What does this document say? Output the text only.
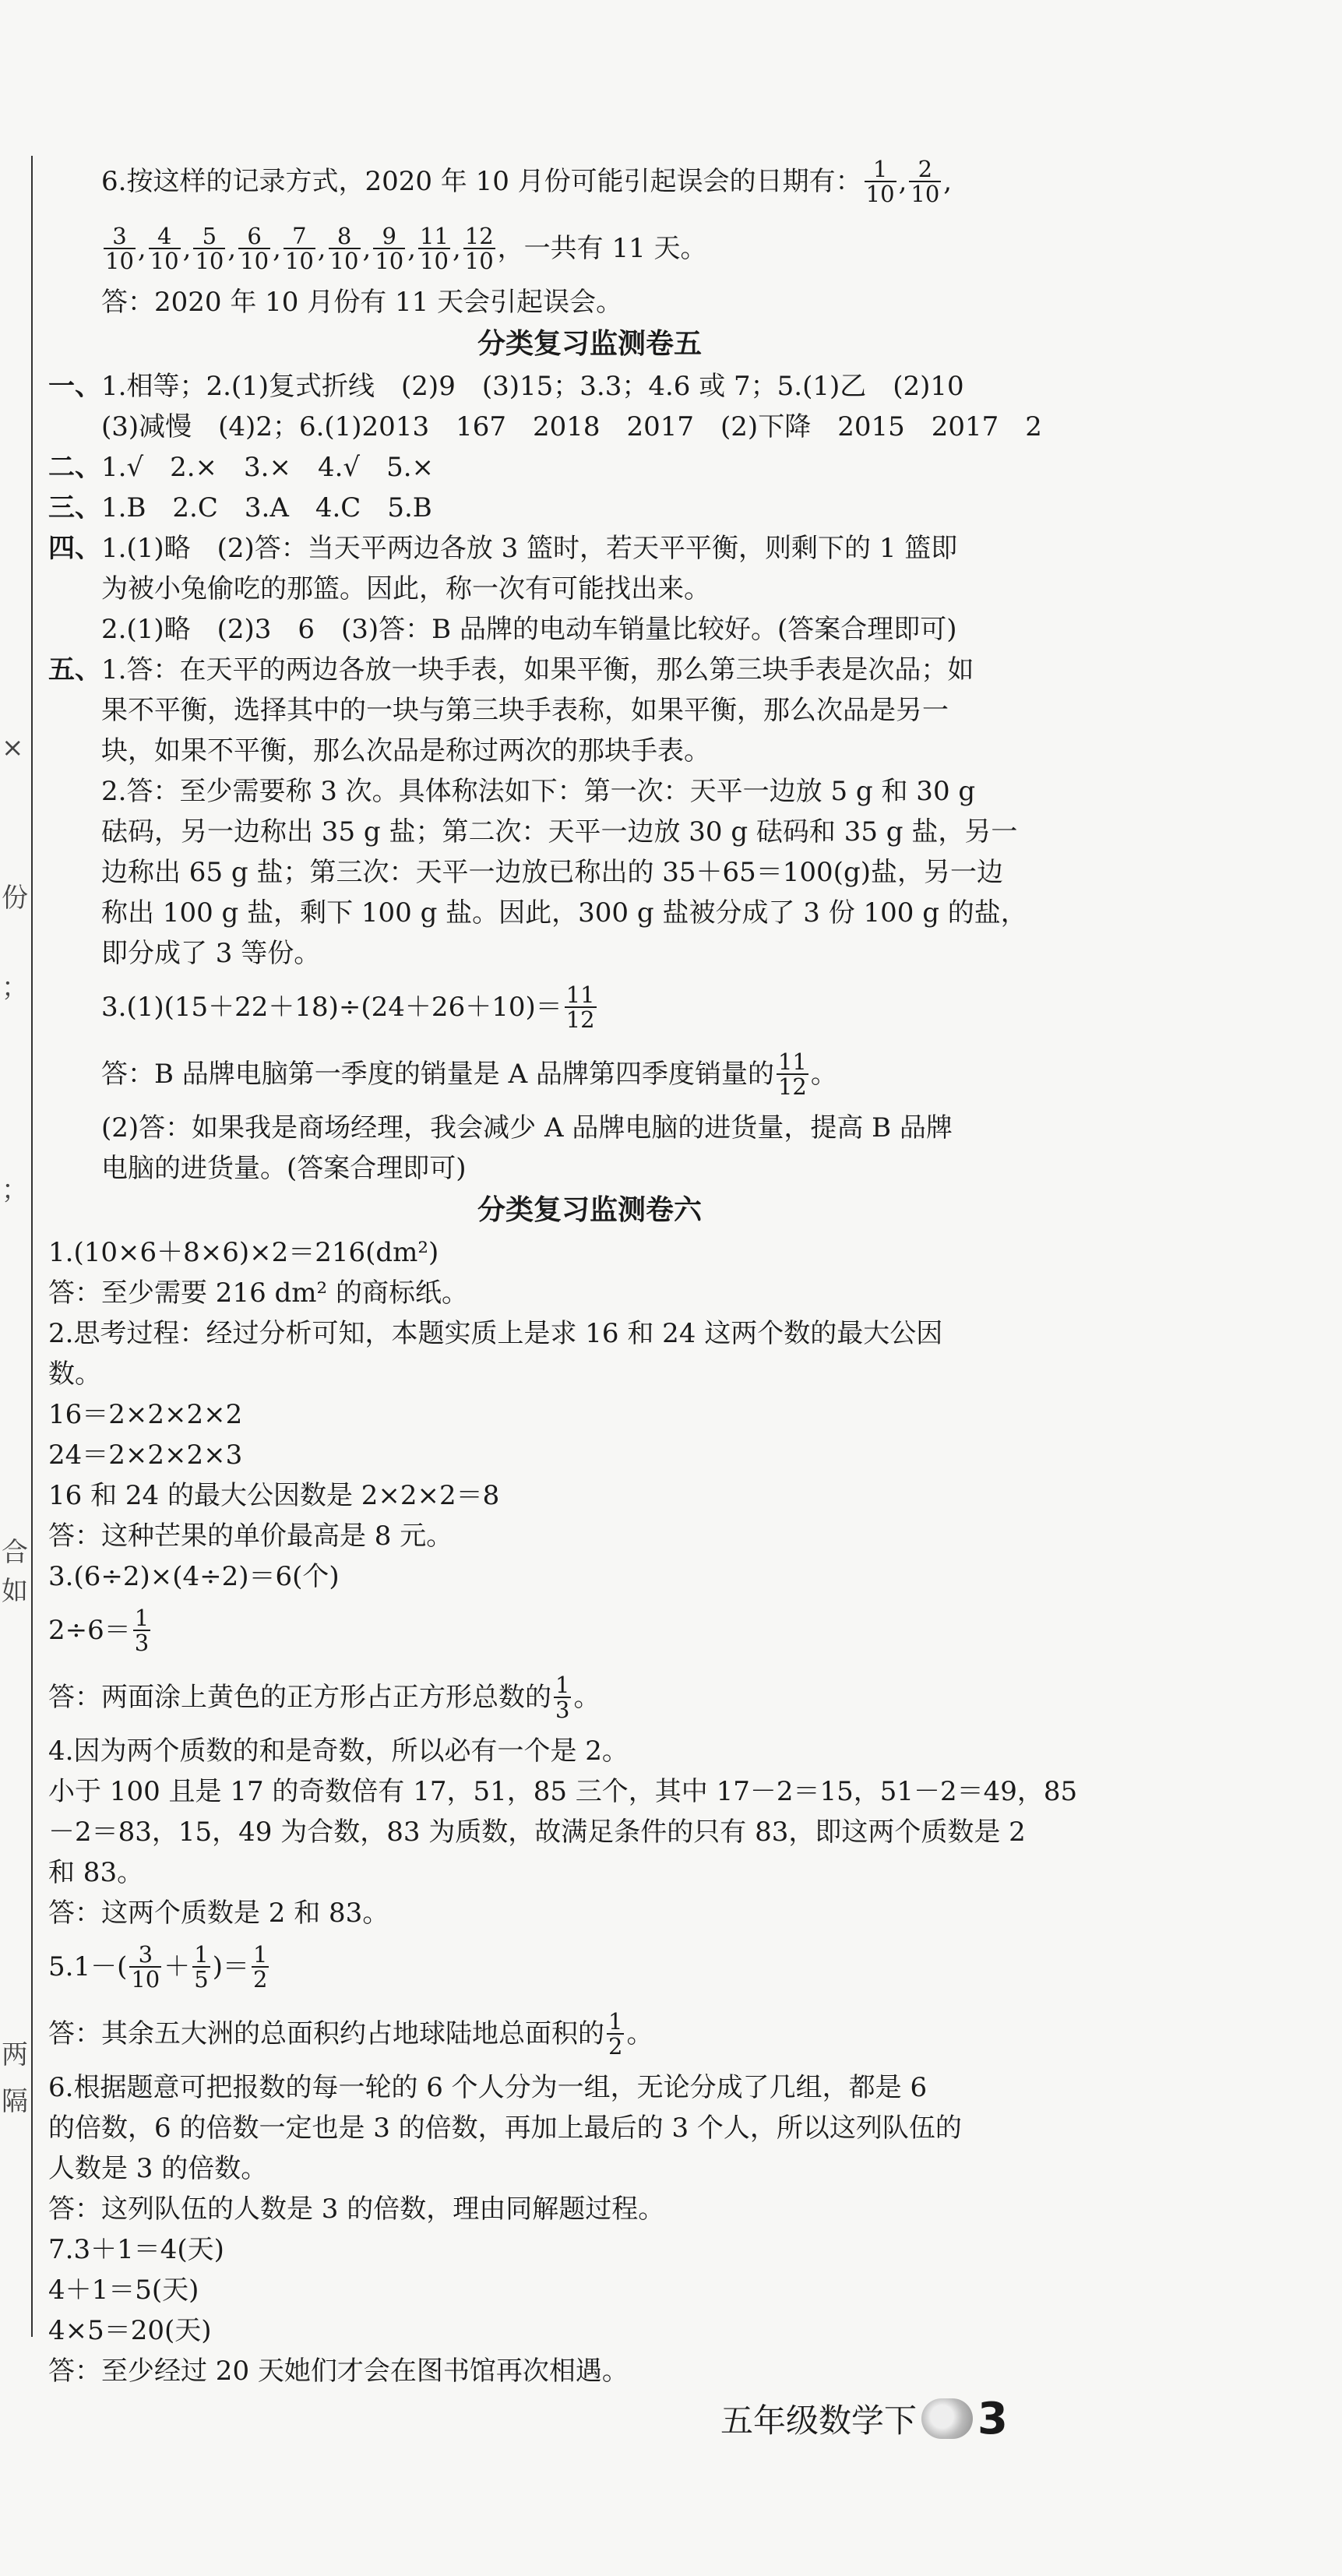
×
；
份
；
合
如
两
隔
6.按这样的记录方式，2020 年 10 月份可能引起误会的日期有： $\frac{1}{10}$ , $\frac{2}{10}$ ,
$\frac{3}{10}$ , $\frac{4}{10}$ , $\frac{5}{10}$ , $\frac{6}{10}$ , $\frac{7}{10}$ , $\frac{8}{10}$ , $\frac{9}{10}$ , $\frac{11}{10}$ , $\frac{12}{10}$ ，一共有 11 天。
答：2020 年 10 月份有 11 天会引起误会。
分类复习监测卷五
一、1.相等；2.(1)复式折线　(2)9　(3)15；3.3；4.6 或 7；5.(1)乙　(2)10
(3)减慢　(4)2；6.(1)2013　167　2018　2017　(2)下降　2015　2017　2
二、1.√　2.×　3.×　4.√　5.×
三、1.B　2.C　3.A　4.C　5.B
四、1.(1)略　(2)答：当天平两边各放 3 篮时，若天平平衡，则剩下的 1 篮即
为被小兔偷吃的那篮。因此，称一次有可能找出来。
2.(1)略　(2)3　6　(3)答：B 品牌的电动车销量比较好。(答案合理即可)
五、1.答：在天平的两边各放一块手表，如果平衡，那么第三块手表是次品；如
果不平衡，选择其中的一块与第三块手表称，如果平衡，那么次品是另一
块，如果不平衡，那么次品是称过两次的那块手表。
2.答：至少需要称 3 次。具体称法如下：第一次：天平一边放 5 g 和 30 g
砝码，另一边称出 35 g 盐；第二次：天平一边放 30 g 砝码和 35 g 盐，另一
边称出 65 g 盐；第三次：天平一边放已称出的 35＋65＝100(g)盐，另一边
称出 100 g 盐，剩下 100 g 盐。因此，300 g 盐被分成了 3 份 100 g 的盐，
即分成了 3 等份。
$3.(1)(15+22+18)\div(24+26+10)= \frac{11}{12}$
答：B 品牌电脑第一季度的销量是 A 品牌第四季度销量的 $\frac{11}{12}$ 。
(2)答：如果我是商场经理，我会减少 A 品牌电脑的进货量，提高 B 品牌
电脑的进货量。(答案合理即可)
分类复习监测卷六
1.(10×6＋8×6)×2＝216(dm²)
答：至少需要 216 dm² 的商标纸。
2.思考过程：经过分析可知，本题实质上是求 16 和 24 这两个数的最大公因
数。
16＝2×2×2×2
24＝2×2×2×3
16 和 24 的最大公因数是 2×2×2＝8
答：这种芒果的单价最高是 8 元。
3.(6÷2)×(4÷2)＝6(个)
$2\div 6= \frac{1}{3}$
答：两面涂上黄色的正方形占正方形总数的 $\frac{1}{3}$ 。
4.因为两个质数的和是奇数，所以必有一个是 2。
小于 100 且是 17 的奇数倍有 17，51，85 三个，其中 17－2＝15，51－2＝49，85
－2＝83，15，49 为合数，83 为质数，故满足条件的只有 83，即这两个质数是 2
和 83。
答：这两个质数是 2 和 83。
$5.1-( \frac{3}{10} + \frac{1}{5}$ )＝ $\frac{1}{2}$
答：其余五大洲的总面积约占地球陆地总面积的 $\frac{1}{2}$ 。
6.根据题意可把报数的每一轮的 6 个人分为一组，无论分成了几组，都是 6
的倍数，6 的倍数一定也是 3 的倍数，再加上最后的 3 个人，所以这列队伍的
人数是 3 的倍数。
答：这列队伍的人数是 3 的倍数，理由同解题过程。
7.3＋1＝4(天)
4＋1＝5(天)
4×5＝20(天)
答：至少经过 20 天她们才会在图书馆再次相遇。
五年级数学下 3
